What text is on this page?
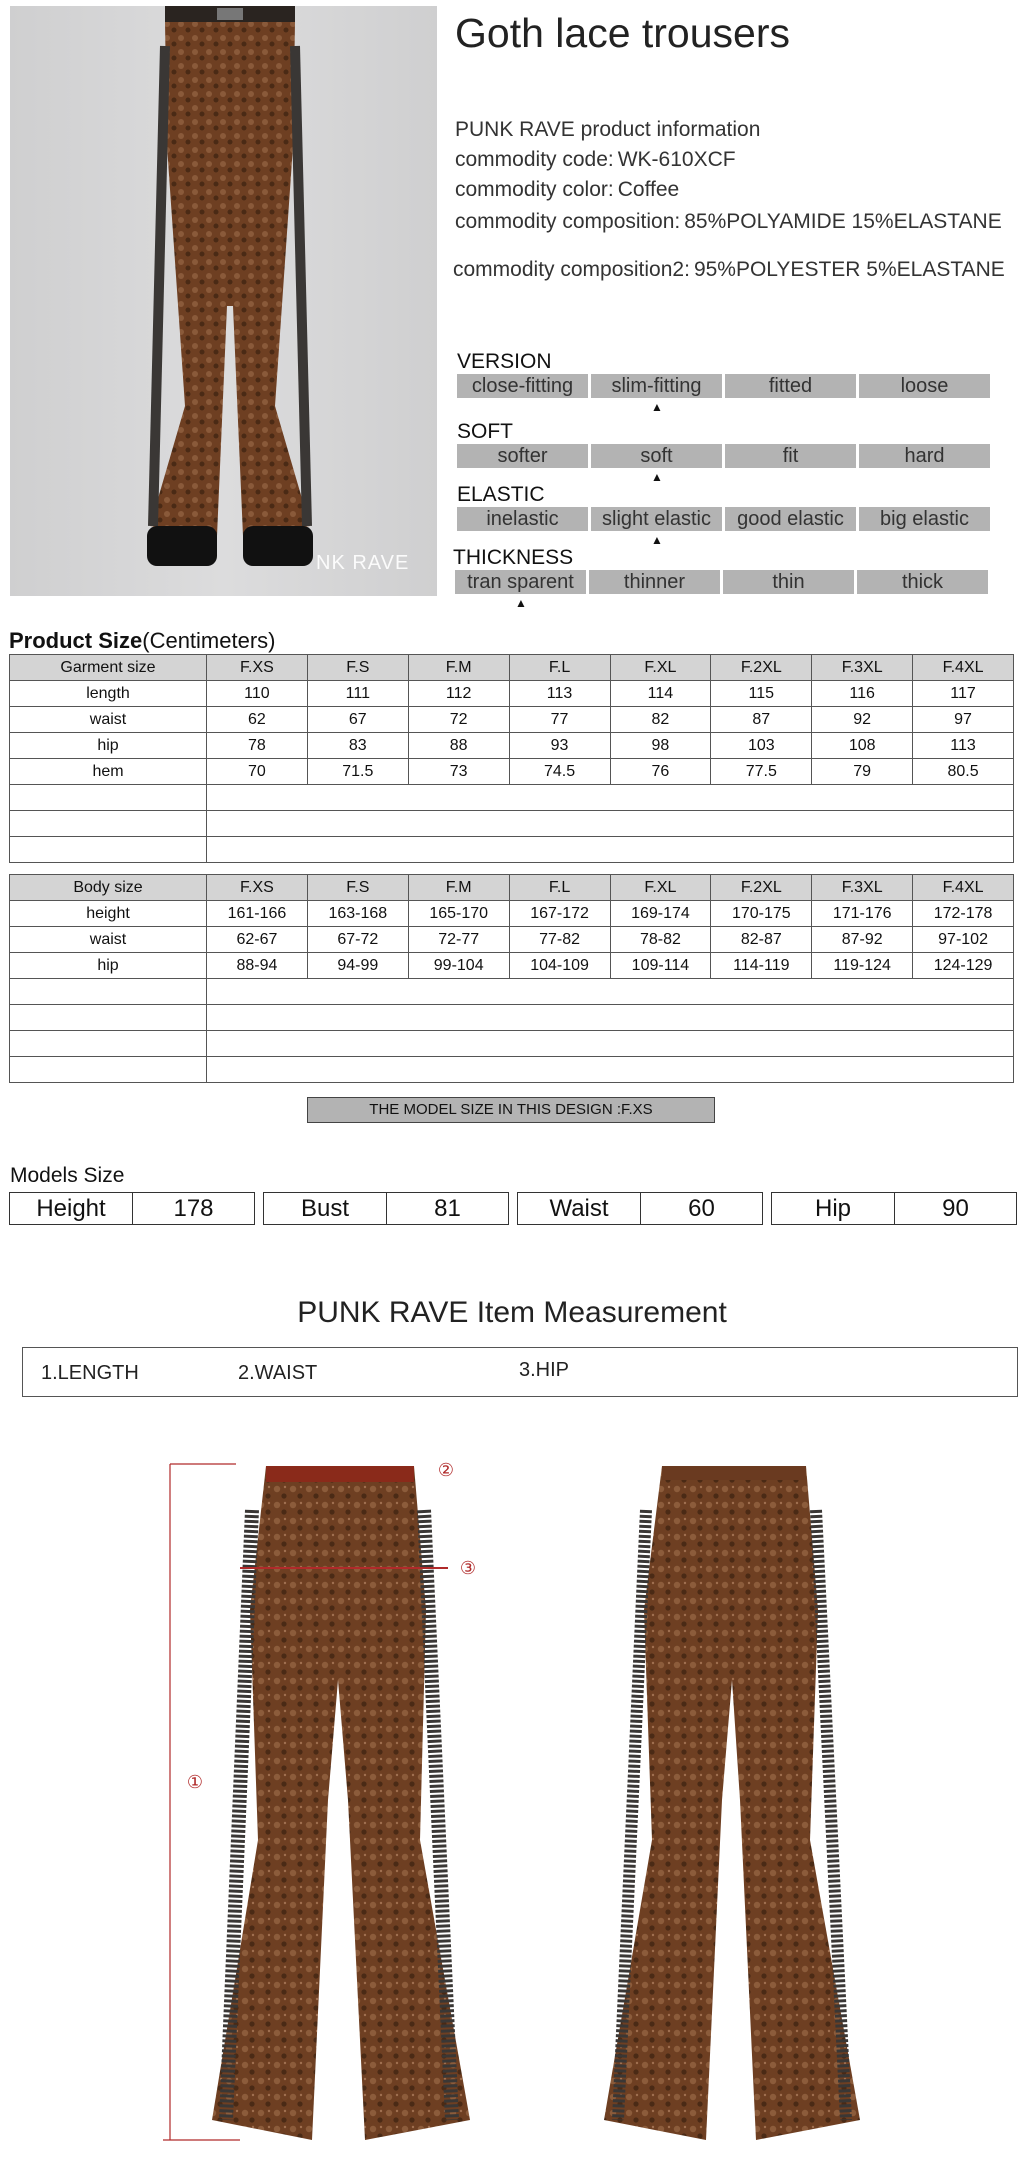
NK RAVE
Goth lace trousers
PUNK RAVE product information
commodity code: WK-610XCF
commodity color: Coffee
commodity composition: 85%POLYAMIDE 15%ELASTANE
commodity composition2: 95%POLYESTER 5%ELASTANE
VERSION
close-fitting	slim-fitting	fitted	loose
▲
SOFT
softer	soft	fit	hard
▲
ELASTIC
inelastic	slight elastic	good elastic	big elastic
▲
THICKNESS
tran sparent	thinner	thin	thick
▲
Product Size(Centimeters)
Garment size	F.XS	F.S	F.M	F.L	F.XL	F.2XL	F.3XL	F.4XL
length	110	111	112	113	114	115	116	117
waist	62	67	72	77	82	87	92	97
hip	78	83	88	93	98	103	108	113
hem	70	71.5	73	74.5	76	77.5	79	80.5

Body size	F.XS	F.S	F.M	F.L	F.XL	F.2XL	F.3XL	F.4XL
height	161-166	163-168	165-170	167-172	169-174	170-175	171-176	172-178
waist	62-67	67-72	72-77	77-82	78-82	82-87	87-92	97-102
hip	88-94	94-99	99-104	104-109	109-114	114-119	119-124	124-129

THE MODEL SIZE IN THIS DESIGN :F.XS
Models Size
Height	178	Bust	81	Waist	60	Hip	90
PUNK RAVE Item Measurement
1.LENGTH	2.WAIST	3.HIP
①
②
③
